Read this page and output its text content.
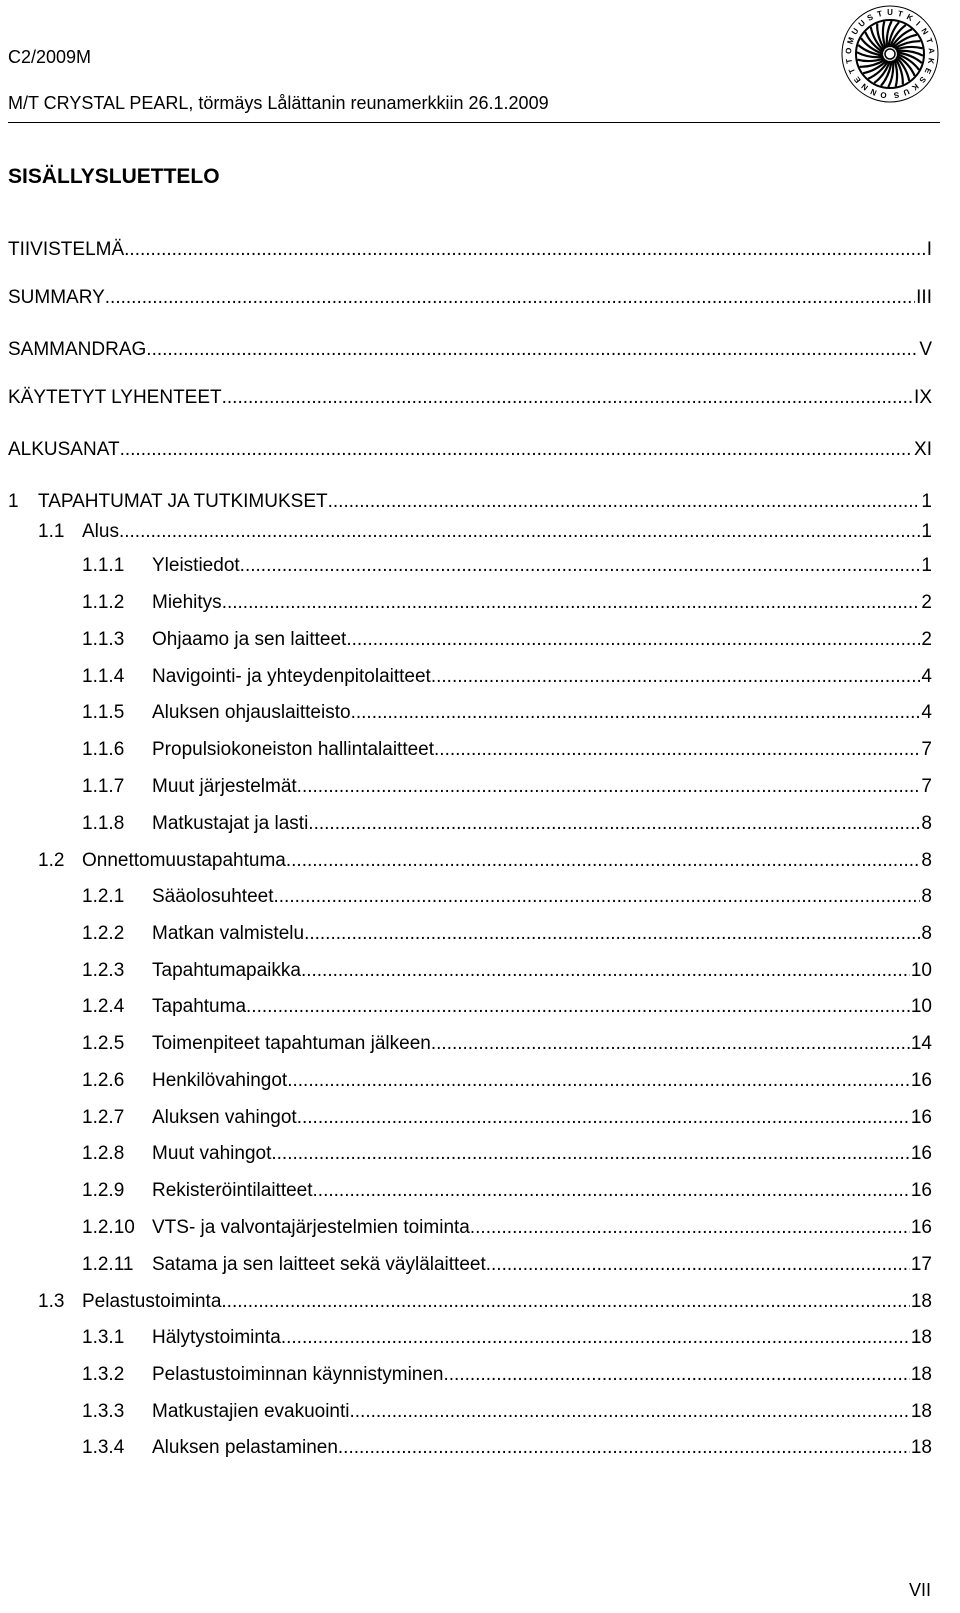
C2/2009M
M/T CRYSTAL PEARL, törmäys Lålättanin reunamerkkiin 26.1.2009	O
N
N
E
T
T
O
M
U
U
S T U T K
I
N
T
A
K
E
S
K
U
S
SISÄLLYSLUETTELO
TIIVISTELMÄ .....	I
SUMMARY .....	III
SAMMANDRAG. .....	V
KÄYTETYT LYHENTEET .....	IX
ALKUSANAT .....	XI
1	TAPAHTUMAT JA TUTKIMUKSET .....	1
1.1 Alus .....	1
1.1.1	Yleistiedot .....	1
1.1.2	Miehitys .....	2
1.1.3	Ohjaamo ja sen laitteet .....	2
1.1.4	Navigointi- ja yhteydenpitolaitteet .....	4
1.1.5	Aluksen ohjauslaitteisto .....	4
1.1.6	Propulsiokoneiston hallintalaitteet .....	7
1.1.7	Muut järjestelmät .....	7
1.1.8	Matkustajat ja lasti .....	8
1.2 Onnettomuustapahtuma .....	8
1.2.1	Sääolosuhteet .....	8
1.2.2	Matkan valmistelu .....	8
1.2.3	Tapahtumapaikka .....	10
1.2.4	Tapahtuma .....	10
1.2.5	Toimenpiteet tapahtuman jälkeen .....	14
1.2.6	Henkilövahingot .....	16
1.2.7	Aluksen vahingot .....	16
1.2.8	Muut vahingot .....	16
1.2.9	Rekisteröintilaitteet .....	16
1.2.10 VTS- ja valvontajärjestelmien toiminta .....	16
1.2.11 Satama ja sen laitteet sekä väylälaitteet .....	17
1.3 Pelastustoiminta .....	18
1.3.1	Hälytystoiminta .....	18
1.3.2	Pelastustoiminnan käynnistyminen .....	18
1.3.3	Matkustajien evakuointi .....	18
1.3.4	Aluksen pelastaminen .....	18
VII
